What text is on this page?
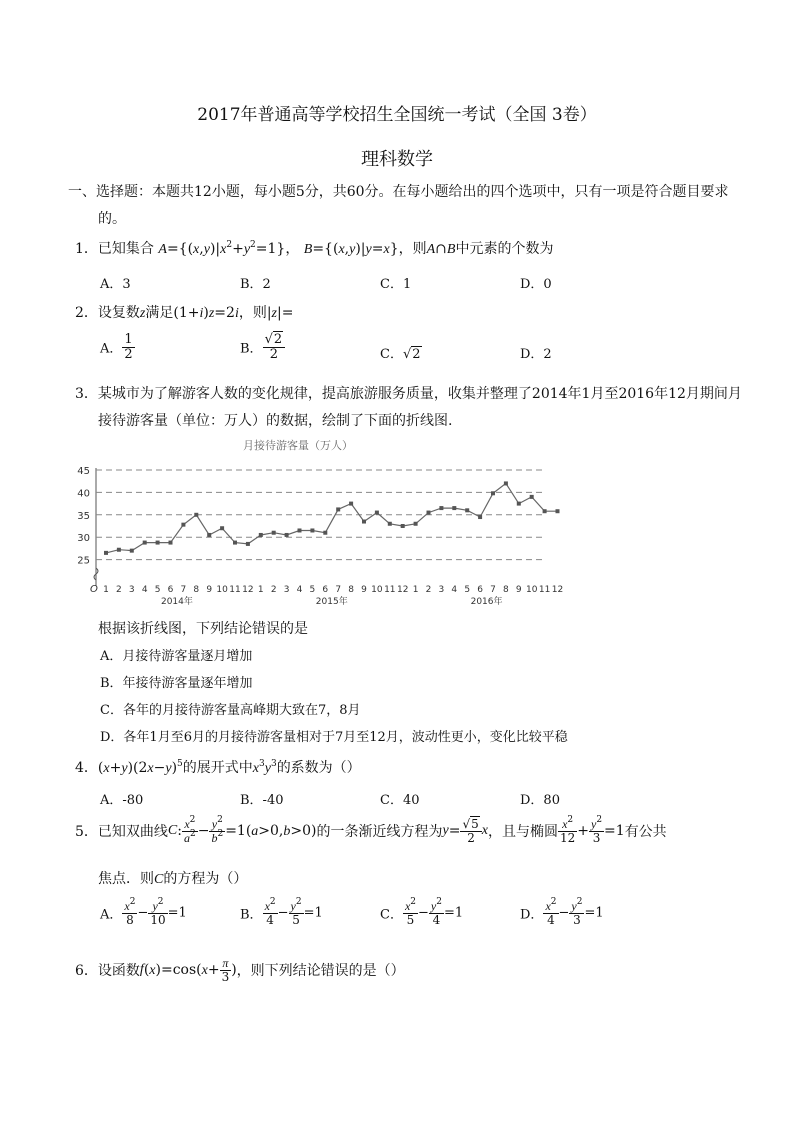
2017年普通高等学校招生全国统一考试（全国 3卷）
理科数学
一、选择题：本题共12小题，每小题5分，共60分。在每小题给出的四个选项中，只有一项是符合题目要求
的。
1．已知集合 $A=\{(x,y)|x^2+y^2=1\}$， B={(x,y)|y=x}，则A∩B中元素的个数为
A．3	B．2	C．1	D．0
2．设复数z满足(1+i)z=2i，则|z|=
A． $\frac{1}{2}$	B． $\frac{√2}{2}$	C．√2	D．2
3．某城市为了解游客人数的变化规律，提高旅游服务质量，收集并整理了2014年1月至2016年12月期间月
接待游客量（单位：万人）的数据，绘制了下面的折线图.
月接待游客量（万人）
25
30
35
40
45
1 2 3 4 5 6 7 8 9 10 11 12 1 2 3 4 5 6 7 8 9 10 11 12 1 2 3 4 5 6 7 8 9 10 11 12
2014年	2015年	2016年
O
根据该折线图，下列结论错误的是
A．月接待游客量逐月增加
B．年接待游客量逐年增加
C．各年的月接待游客量高峰期大致在7，8月
D．各年1月至6月的月接待游客量相对于7月至12月，波动性更小，变化比较平稳
4．$(x+y)(2x-y)^5$的展开式中$x^3y^3$的系数为（）
A．-80	B．-40	C．40	D．80
5．已知双曲线C: $\frac{x^2}{a^2} - \frac{y^2}{b^2} =1(a>0,b>0)$的一条渐近线方程为$y= \frac{√5}{2}$ x，且与椭圆 $\frac{x^2}{12} + \frac{y^2}{3} =1$有公共
焦点．则C的方程为（）
A． $\frac{x^2}{8} - \frac{y^2}{10} =1$	B． $\frac{x^2}{4} - \frac{y^2}{5} =1$	C． $\frac{x^2}{5} - \frac{y^2}{4} =1$	D． $\frac{x^2}{4} - \frac{y^2}{3} =1$
6．设函数$f(x)=\cos(x+ \frac{\pi}{3}$ )，则下列结论错误的是（）
